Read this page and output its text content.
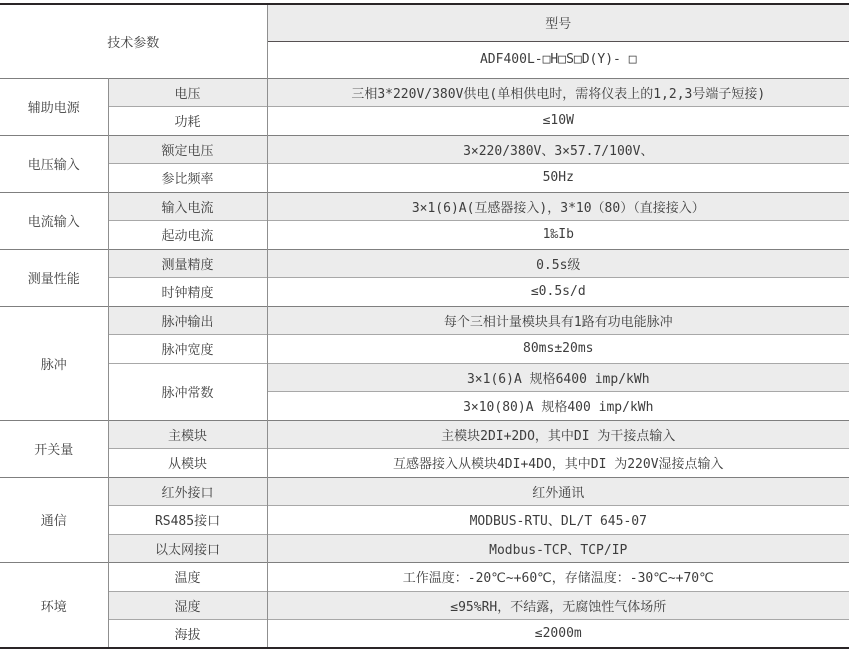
技术参数		型号
		ADF400L-□H□S□D(Y)- □
辅助电源	电压	三相3*220V/380V供电(单相供电时，需将仪表上的1,2,3号端子短接)
	功耗	≤10W
电压输入	额定电压	3×220/380V、3×57.7/100V、
	参比频率	50Hz
电流输入	输入电流	3×1(6)A(互感器接入)，3*10（80）（直接接入）
	起动电流	1‰Ib
测量性能	测量精度	0.5s级
	时钟精度	≤0.5s/d
脉冲	脉冲输出	每个三相计量模块具有1路有功电能脉冲
	脉冲宽度	80ms±20ms
	脉冲常数	3×1(6)A 规格6400 imp/kWh
		3×10(80)A 规格400 imp/kWh
开关量	主模块	主模块2DI+2DO，其中DI 为干接点输入
	从模块	互感器接入从模块4DI+4DO，其中DI 为220V湿接点输入
通信	红外接口	红外通讯
	RS485接口	MODBUS-RTU、DL/T 645-07
	以太网接口	Modbus-TCP、TCP/IP
环境	温度	工作温度：-20℃~+60℃，存储温度：-30℃~+70℃
	湿度	≤95%RH，不结露，无腐蚀性气体场所
	海拔	≤2000m
